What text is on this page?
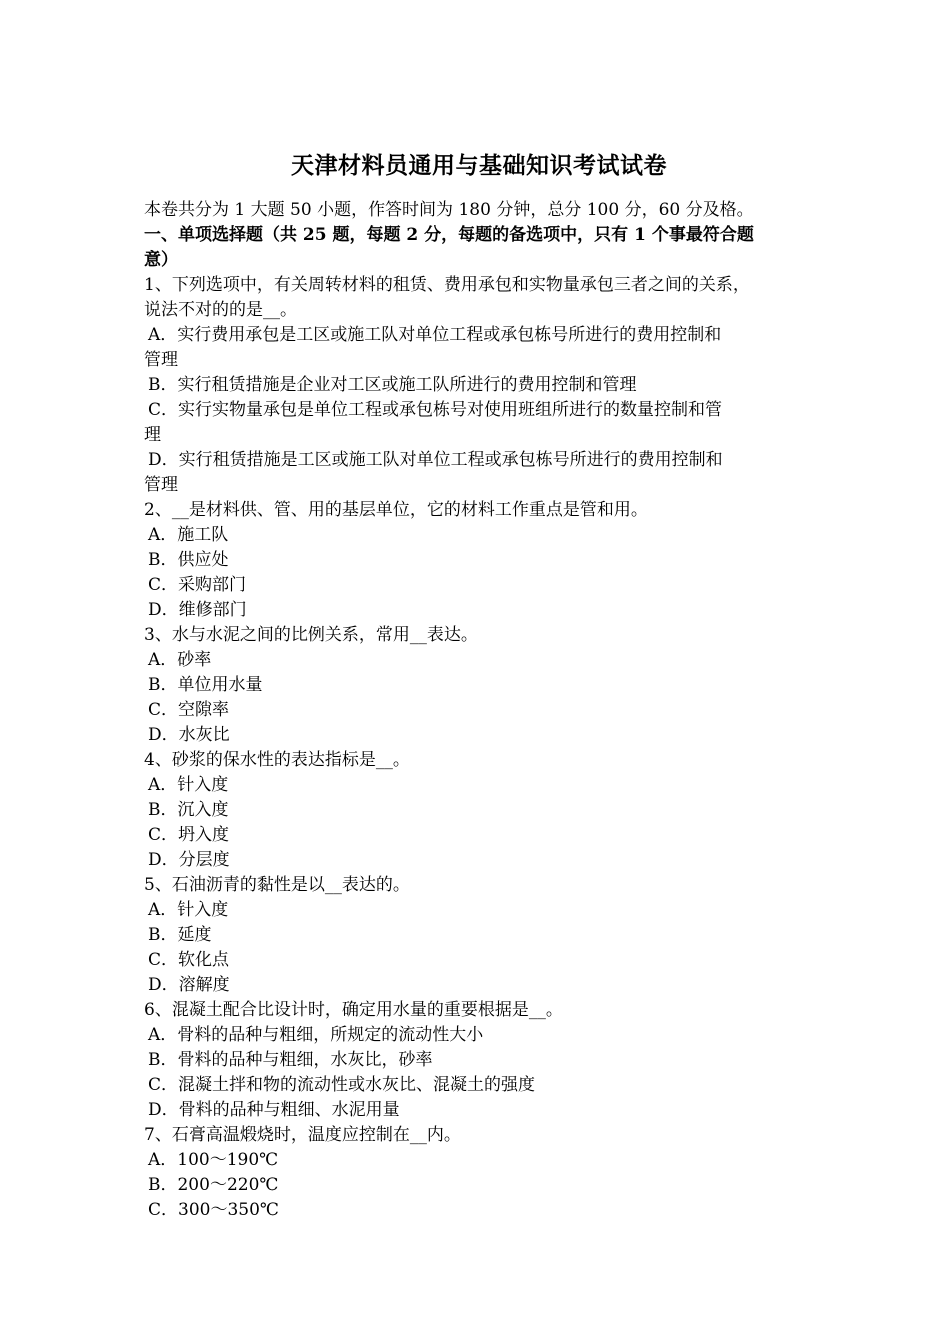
天津材料员通用与基础知识考试试卷
本卷共分为 1 大题 50 小题，作答时间为 180 分钟，总分 100 分，60 分及格。
一、单项选择题（共 25 题，每题 2 分，每题的备选项中，只有 1 个事最符合题
意）
1、下列选项中，有关周转材料的租赁、费用承包和实物量承包三者之间的关系，
说法不对的的是__。
A．实行费用承包是工区或施工队对单位工程或承包栋号所进行的费用控制和
管理
B．实行租赁措施是企业对工区或施工队所进行的费用控制和管理
C．实行实物量承包是单位工程或承包栋号对使用班组所进行的数量控制和管
理
D．实行租赁措施是工区或施工队对单位工程或承包栋号所进行的费用控制和
管理
2、__是材料供、管、用的基层单位，它的材料工作重点是管和用。
A．施工队
B．供应处
C．采购部门
D．维修部门
3、水与水泥之间的比例关系，常用__表达。
A．砂率
B．单位用水量
C．空隙率
D．水灰比
4、砂浆的保水性的表达指标是__。
A．针入度
B．沉入度
C．坍入度
D．分层度
5、石油沥青的黏性是以__表达的。
A．针入度
B．延度
C．软化点
D．溶解度
6、混凝土配合比设计时，确定用水量的重要根据是__。
A．骨料的品种与粗细，所规定的流动性大小
B．骨料的品种与粗细，水灰比，砂率
C．混凝土拌和物的流动性或水灰比、混凝土的强度
D．骨料的品种与粗细、水泥用量
7、石膏高温煅烧时，温度应控制在__内。
A．100～190℃
B．200～220℃
C．300～350℃
